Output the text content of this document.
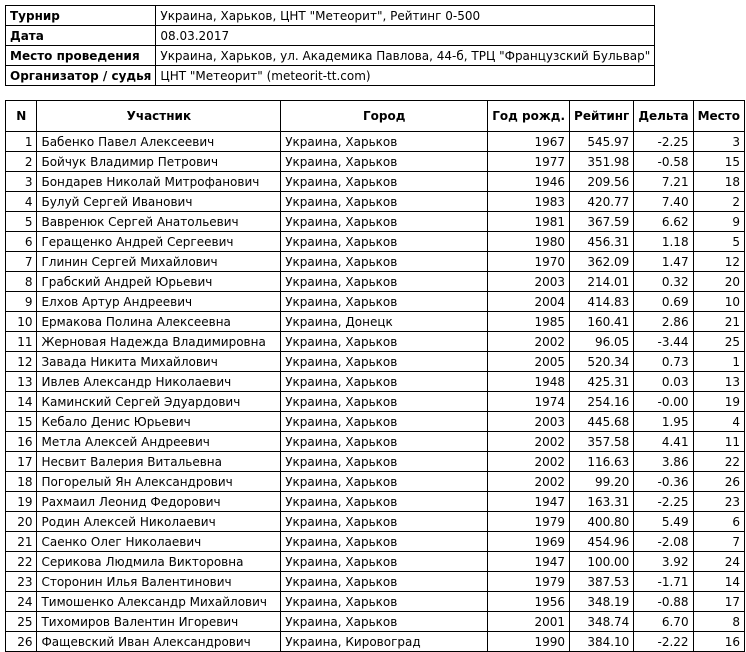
Турнир	Украина, Харьков, ЦНТ "Метеорит", Рейтинг 0-500
Дата	08.03.2017
Место проведения	Украина, Харьков, ул. Академика Павлова, 44-б, ТРЦ "Французский Бульвар"
Организатор / судья	ЦНТ "Метеорит" (meteorit-tt.com)
N	Участник	Город	Год рожд.	Рейтинг	Дельта	Место
1	Бабенко Павел Алексеевич	Украина, Харьков	1967	545.97	-2.25	3
2	Бойчук Владимир Петрович	Украина, Харьков	1977	351.98	-0.58	15
3	Бондарев Николай Митрофанович	Украина, Харьков	1946	209.56	7.21	18
4	Булуй Сергей Иванович	Украина, Харьков	1983	420.77	7.40	2
5	Вавренюк Сергей Анатольевич	Украина, Харьков	1981	367.59	6.62	9
6	Геращенко Андрей Сергеевич	Украина, Харьков	1980	456.31	1.18	5
7	Глинин Сергей Михайлович	Украина, Харьков	1970	362.09	1.47	12
8	Грабский Андрей Юрьевич	Украина, Харьков	2003	214.01	0.32	20
9	Елхов Артур Андреевич	Украина, Харьков	2004	414.83	0.69	10
10	Ермакова Полина Алексеевна	Украина, Донецк	1985	160.41	2.86	21
11	Жерновая Надежда Владимировна	Украина, Харьков	2002	96.05	-3.44	25
12	Завада Никита Михайлович	Украина, Харьков	2005	520.34	0.73	1
13	Ивлев Александр Николаевич	Украина, Харьков	1948	425.31	0.03	13
14	Каминский Сергей Эдуардович	Украина, Харьков	1974	254.16	-0.00	19
15	Кебало Денис Юрьевич	Украина, Харьков	2003	445.68	1.95	4
16	Метла Алексей Андреевич	Украина, Харьков	2002	357.58	4.41	11
17	Несвит Валерия Витальевна	Украина, Харьков	2002	116.63	3.86	22
18	Погорелый Ян Александрович	Украина, Харьков	2002	99.20	-0.36	26
19	Рахмаил Леонид Федорович	Украина, Харьков	1947	163.31	-2.25	23
20	Родин Алексей Николаевич	Украина, Харьков	1979	400.80	5.49	6
21	Саенко Олег Николаевич	Украина, Харьков	1969	454.96	-2.08	7
22	Серикова Людмила Викторовна	Украина, Харьков	1947	100.00	3.92	24
23	Сторонин Илья Валентинович	Украина, Харьков	1979	387.53	-1.71	14
24	Тимошенко Александр Михайлович	Украина, Харьков	1956	348.19	-0.88	17
25	Тихомиров Валентин Игоревич	Украина, Харьков	2001	348.74	6.70	8
26	Фащевский Иван Александрович	Украина, Кировоград	1990	384.10	-2.22	16
